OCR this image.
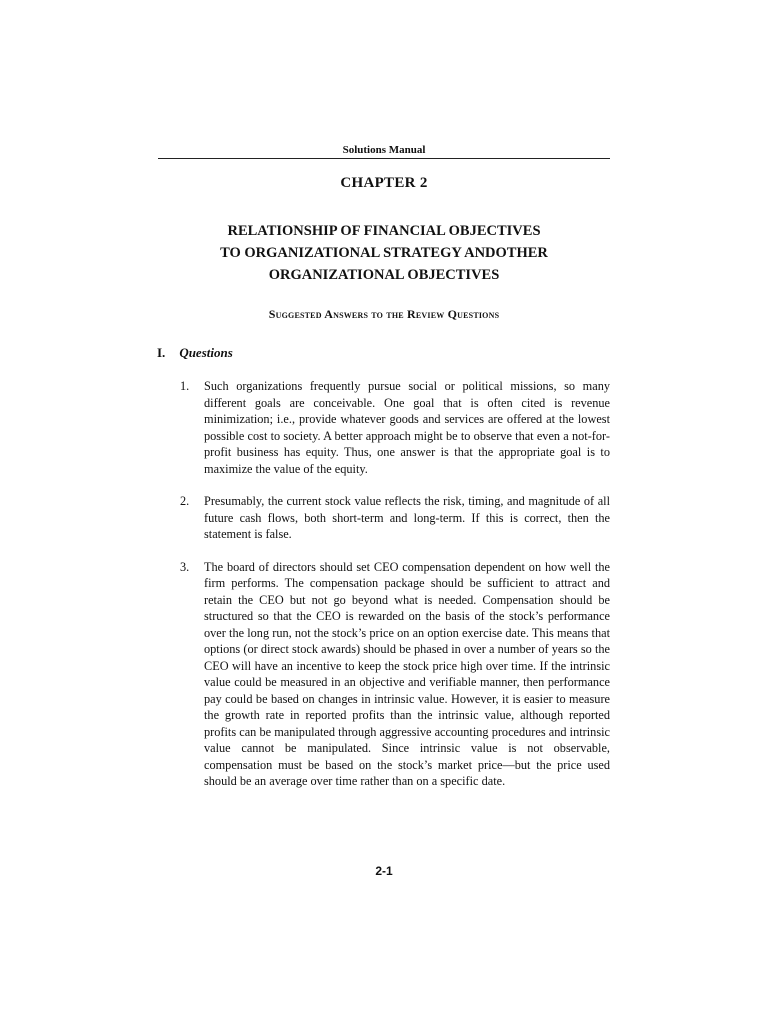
Solutions Manual
CHAPTER 2
RELATIONSHIP OF FINANCIAL OBJECTIVES
TO ORGANIZATIONAL STRATEGY ANDOTHER
ORGANIZATIONAL OBJECTIVES
Suggested Answers to the Review Questions
I. Questions
1.	Such organizations frequently pursue social or political missions, so many different goals are conceivable. One goal that is often cited is revenue minimization; i.e., provide whatever goods and services are offered at the lowest possible cost to society. A better approach might be to observe that even a not-for-profit business has equity. Thus, one answer is that the appropriate goal is to maximize the value of the equity.
2.	Presumably, the current stock value reflects the risk, timing, and magnitude of all future cash flows, both short-term and long-term. If this is correct, then the statement is false.
3.	The board of directors should set CEO compensation dependent on how well the firm performs. The compensation package should be sufficient to attract and retain the CEO but not go beyond what is needed. Compensation should be structured so that the CEO is rewarded on the basis of the stock’s performance over the long run, not the stock’s price on an option exercise date. This means that options (or direct stock awards) should be phased in over a number of years so the CEO will have an incentive to keep the stock price high over time. If the intrinsic value could be measured in an objective and verifiable manner, then performance pay could be based on changes in intrinsic value. However, it is easier to measure the growth rate in reported profits than the intrinsic value, although reported profits can be manipulated through aggressive accounting procedures and intrinsic value cannot be manipulated. Since intrinsic value is not observable, compensation must be based on the stock’s market price—but the price used should be an average over time rather than on a specific date.
2-1
